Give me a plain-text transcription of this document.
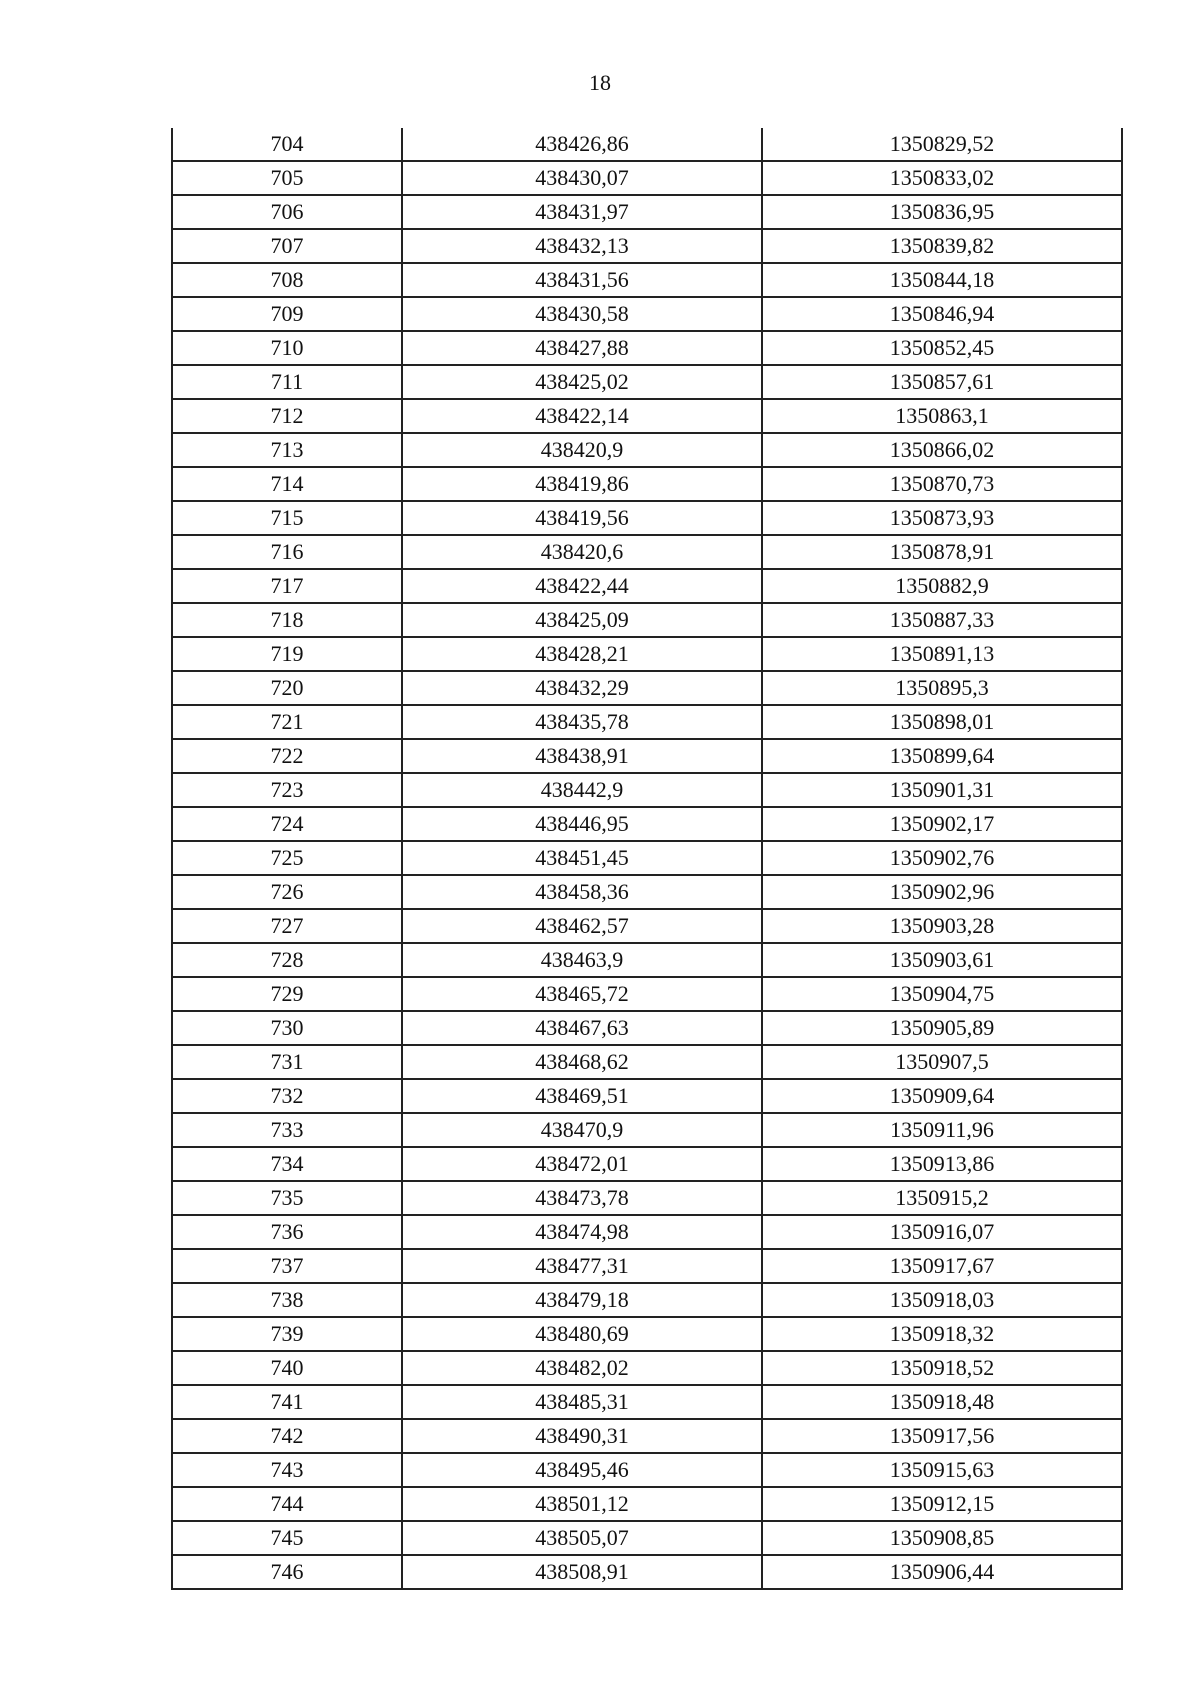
18
704	438426,86	1350829,52
705	438430,07	1350833,02
706	438431,97	1350836,95
707	438432,13	1350839,82
708	438431,56	1350844,18
709	438430,58	1350846,94
710	438427,88	1350852,45
711	438425,02	1350857,61
712	438422,14	1350863,1
713	438420,9	1350866,02
714	438419,86	1350870,73
715	438419,56	1350873,93
716	438420,6	1350878,91
717	438422,44	1350882,9
718	438425,09	1350887,33
719	438428,21	1350891,13
720	438432,29	1350895,3
721	438435,78	1350898,01
722	438438,91	1350899,64
723	438442,9	1350901,31
724	438446,95	1350902,17
725	438451,45	1350902,76
726	438458,36	1350902,96
727	438462,57	1350903,28
728	438463,9	1350903,61
729	438465,72	1350904,75
730	438467,63	1350905,89
731	438468,62	1350907,5
732	438469,51	1350909,64
733	438470,9	1350911,96
734	438472,01	1350913,86
735	438473,78	1350915,2
736	438474,98	1350916,07
737	438477,31	1350917,67
738	438479,18	1350918,03
739	438480,69	1350918,32
740	438482,02	1350918,52
741	438485,31	1350918,48
742	438490,31	1350917,56
743	438495,46	1350915,63
744	438501,12	1350912,15
745	438505,07	1350908,85
746	438508,91	1350906,44
